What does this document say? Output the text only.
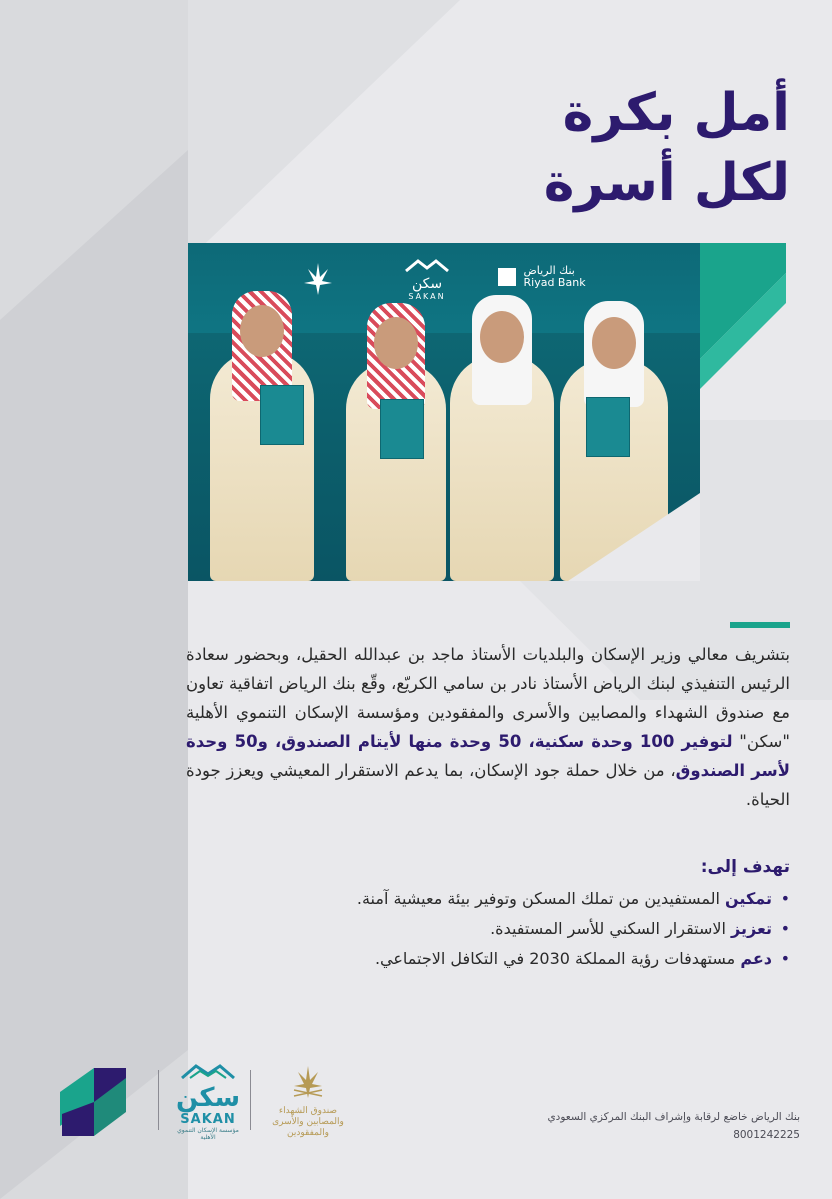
أمل بكرة
لكل أسرة
سكن
SAKAN

بنك الرياض
Riyad Bank
بتشريف معالي وزير الإسكان والبلديات الأستاذ ماجد بن عبدالله الحقيل، وبحضور سعادة الرئيس التنفيذي لبنك الرياض الأستاذ نادر بن سامي الكريّع، وقّع بنك الرياض اتفاقية تعاون مع صندوق الشهداء والمصابين والأسرى والمفقودين ومؤسسة الإسكان التنموي الأهلية "سكن" لتوفير 100 وحدة سكنية، 50 وحدة منها لأيتام الصندوق، و50 وحدة لأسر الصندوق، من خلال حملة جود الإسكان، بما يدعم الاستقرار المعيشي ويعزز جودة الحياة.
تهدف إلى:
• تمكين المستفيدين من تملك المسكن وتوفير بيئة معيشية آمنة.
• تعزيز الاستقرار السكني للأسر المستفيدة.
• دعم مستهدفات رؤية المملكة 2030 في التكافل الاجتماعي.
سكن
SAKAN
مؤسسة الإسكان التنموي الأهلية
صندوق الشهداء والمصابين والأسرى والمفقودين
بنك الرياض خاضع لرقابة وإشراف البنك المركزي السعودي
8001242225
